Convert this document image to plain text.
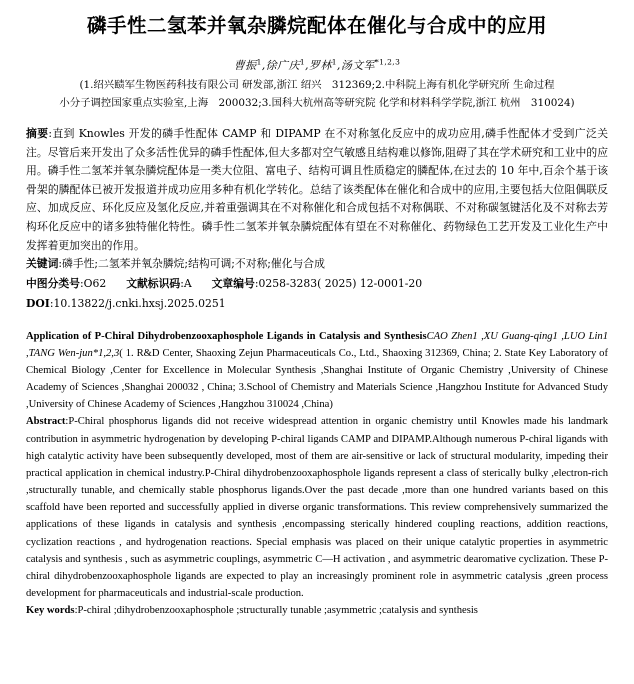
磷手性二氢苯并氧杂膦烷配体在催化与合成中的应用
曹振$^1$,徐广庆$^1$,罗林$^1$,汤文军$^{*1,2,3}$
(1.绍兴赜军生物医药科技有限公司 研发部,浙江 绍兴　312369;2.中科院上海有机化学研究所 生命过程
小分子调控国家重点实验室,上海　200032;3.国科大杭州高等研究院 化学和材料科学学院,浙江 杭州　310024)

摘要:直到 Knowles 开发的磷手性配体 CAMP 和 DIPAMP 在不对称氢化反应中的成功应用,磷手性配体才受到广泛关注。尽管后来开发出了众多活性优异的磷手性配体,但大多都对空气敏感且结构难以修饰,阻碍了其在学术研究和工业中的应用。磷手性二氢苯并氧杂膦烷配体是一类大位阻、富电子、结构可调且性质稳定的膦配体,在过去的 10 年中,百余个基于该骨架的膦配体已被开发报道并成功应用多种有机化学转化。总结了该类配体在催化和合成中的应用,主要包括大位阻偶联反应、加成反应、环化反应及氢化反应,并着重强调其在不对称催化和合成包括不对称偶联、不对称碳氢键活化及不对称去芳构环化反应中的诸多独特催化特性。磷手性二氢苯并氧杂膦烷配体有望在不对称催化、药物绿色工艺开发及工业化生产中发挥着更加突出的作用。

关键词:磷手性;二氢苯并氧杂膦烷;结构可调;不对称;催化与合成

中图分类号:O62 文献标识码:A 文章编号:0258-3283( 2025) 12-0001-20

DOI:10.13822/j.cnki.hxsj.2025.0251

Application of P-Chiral Dihydrobenzooxaphosphole Ligands in Catalysis and SynthesisCAO Zhen1 ,XU Guang-qing1 ,LUO Lin1 ,TANG Wen-jun*1,2,3( 1. R&D Center, Shaoxing Zejun Pharmaceuticals Co., Ltd., Shaoxing 312369, China; 2. State Key Laboratory of Chemical Biology ,Center for Excellence in Molecular Synthesis ,Shanghai Institute of Organic Chemistry ,University of Chinese Academy of Sciences ,Shanghai 200032 , China; 3.School of Chemistry and Materials Science ,Hangzhou Institute for Advanced Study ,University of Chinese Academy of Sciences ,Hangzhou 310024 ,China)

Abstract:P-Chiral phosphorus ligands did not receive widespread attention in organic chemistry until Knowles made his landmark contribution in asymmetric hydrogenation by developing P-chiral ligands CAMP and DIPAMP.Although numerous P-chiral ligands with high catalytic activity have been subsequently developed, most of them are air-sensitive or lack of structural modularity, impeding their practical application in chemical industry.P-Chiral dihydrobenzooxaphosphole ligands represent a class of sterically bulky ,electron-rich ,structurally tunable, and chemically stable phosphorus ligands.Over the past decade ,more than one hundred variants based on this scaffold have been reported and successfully applied in diverse organic transformations. This review comprehensively summarized the applications of these ligands in catalysis and synthesis ,encompassing sterically hindered coupling reactions, addition reactions, cyclization reactions , and hydrogenation reactions. Special emphasis was placed on their unique catalytic properties in asymmetric catalysis and synthesis , such as asymmetric couplings, asymmetric C—H activation , and asymmetric dearomative cyclization. These P-chiral dihydrobenzooxaphosphole ligands are expected to play an increasingly prominent role in asymmetric catalysis ,green process development for pharmaceuticals and industrial-scale production.

Key words:P-chiral ;dihydrobenzooxaphosphole ;structurally tunable ;asymmetric ;catalysis and synthesis
